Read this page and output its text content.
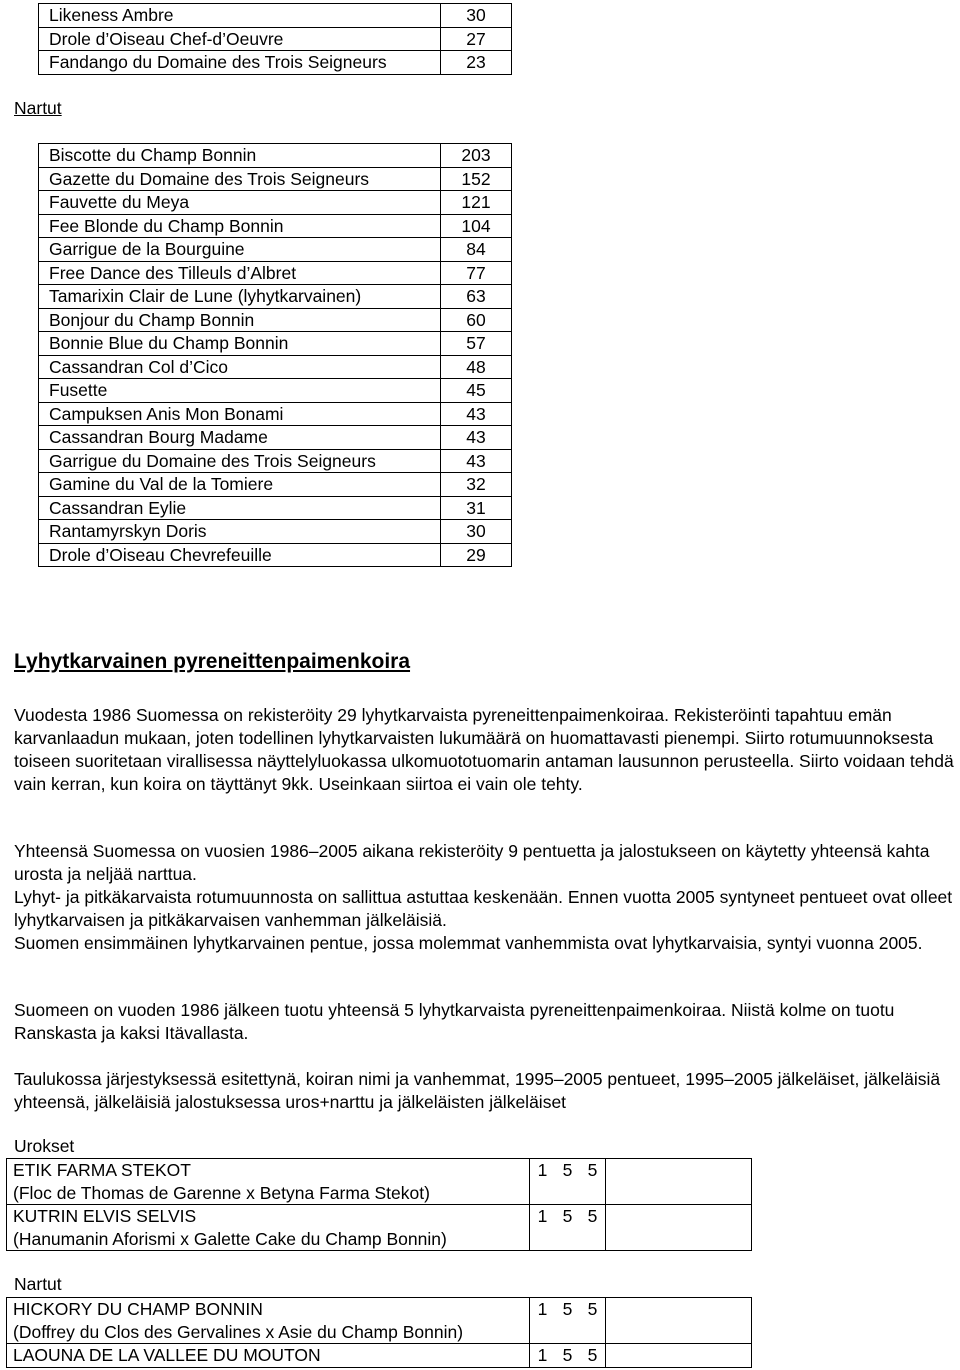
Likeness Ambre	30
Drole d’Oiseau Chef-d’Oeuvre	27
Fandango du Domaine des Trois Seigneurs	23
Nartut
Biscotte du Champ Bonnin	203
Gazette du Domaine des Trois Seigneurs	152
Fauvette du Meya	121
Fee Blonde du Champ Bonnin	104
Garrigue de la Bourguine	84
Free Dance des Tilleuls d’Albret	77
Tamarixin Clair de Lune (lyhytkarvainen)	63
Bonjour du Champ Bonnin	60
Bonnie Blue du Champ Bonnin	57
Cassandran Col d’Cico	48
Fusette	45
Campuksen Anis Mon Bonami	43
Cassandran Bourg Madame	43
Garrigue du Domaine des Trois Seigneurs	43
Gamine du Val de la Tomiere	32
Cassandran Eylie	31
Rantamyrskyn Doris	30
Drole d’Oiseau Chevrefeuille	29
Lyhytkarvainen pyreneittenpaimenkoira

Vuodesta 1986 Suomessa on rekisteröity 29 lyhytkarvaista pyreneittenpaimenkoiraa. Rekisteröinti tapahtuu emän karvanlaadun mukaan, joten todellinen lyhytkarvaisten lukumäärä on huomattavasti pienempi. Siirto rotumuunnoksesta toiseen suoritetaan virallisessa näyttelyluokassa ulkomuototuomarin antaman lausunnon perusteella. Siirto voidaan tehdä vain kerran, kun koira on täyttänyt 9kk. Useinkaan siirtoa ei vain ole tehty.

Yhteensä Suomessa on vuosien 1986–2005 aikana rekisteröity 9 pentuetta ja jalostukseen on käytetty yhteensä kahta urosta ja neljää narttua.
Lyhyt- ja pitkäkarvaista rotumuunnosta on sallittua astuttaa keskenään. Ennen vuotta 2005 syntyneet pentueet ovat olleet lyhytkarvaisen ja pitkäkarvaisen vanhemman jälkeläisiä.
Suomen ensimmäinen lyhytkarvainen pentue, jossa molemmat vanhemmista ovat lyhytkarvaisia, syntyi vuonna 2005.

Suomeen on vuoden 1986 jälkeen tuotu yhteensä 5 lyhytkarvaista pyreneittenpaimenkoiraa. Niistä kolme on tuotu Ranskasta ja kaksi Itävallasta.

Taulukossa järjestyksessä esitettynä, koiran nimi ja vanhemmat, 1995–2005 pentueet, 1995–2005 jälkeläiset, jälkeläisiä yhteensä, jälkeläisiä jalostuksessa uros+narttu ja jälkeläisten jälkeläiset

Urokset
ETIK FARMA STEKOT
(Floc de Thomas de Garenne x Betyna Farma Stekot)	1	5	5	

KUTRIN ELVIS SELVIS
(Hanumanin Aforismi x Galette Cake du Champ Bonnin)	1	5	5	
Nartut
HICKORY DU CHAMP BONNIN
(Doffrey du Clos des Gervalines x Asie du Champ Bonnin)	1	5	5	

LAOUNA DE LA VALLEE DU MOUTON	1	5	5	
